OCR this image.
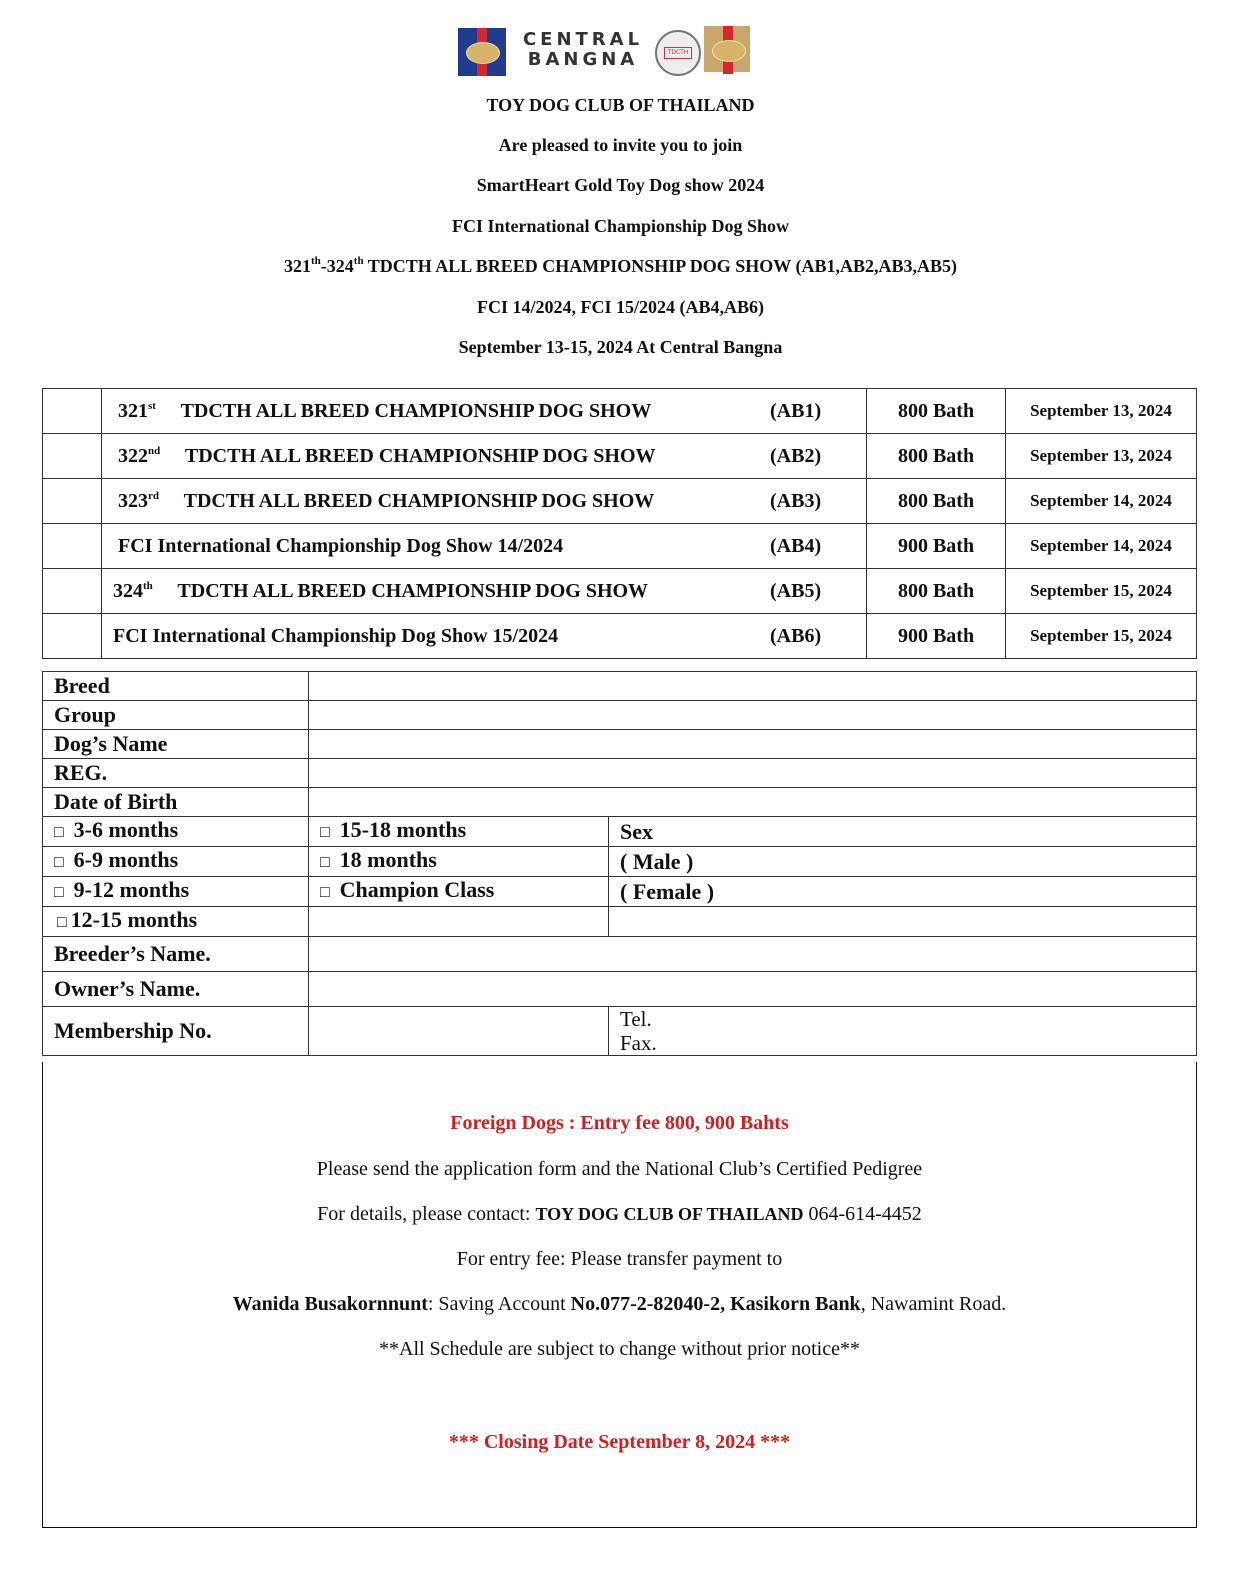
CENTRAL
BANGNA	TDCTH
TOY DOG CLUB OF THAILAND
Are pleased to invite you to join
SmartHeart Gold Toy Dog show 2024
FCI International Championship Dog Show
321th-324th TDCTH ALL BREED CHAMPIONSHIP DOG SHOW (AB1,AB2,AB3,AB5)
FCI 14/2024, FCI 15/2024 (AB4,AB6)
September 13-15, 2024 At Central Bangna

	321st TDCTH ALL BREED CHAMPIONSHIP DOG SHOW (AB1)	800 Bath	September 13, 2024

	322nd TDCTH ALL BREED CHAMPIONSHIP DOG SHOW (AB2)	800 Bath	September 13, 2024

	323rd TDCTH ALL BREED CHAMPIONSHIP DOG SHOW (AB3)	800 Bath	September 14, 2024

	FCI International Championship Dog Show 14/2024 (AB4)	900 Bath	September 14, 2024

	324th TDCTH ALL BREED CHAMPIONSHIP DOG SHOW (AB5)	800 Bath	September 15, 2024

	FCI International Championship Dog Show 15/2024 (AB6)	900 Bath	September 15, 2024
Breed		
Group		
Dog’s Name		
REG.		
Date of Birth		
□ 3-6 months	□ 15-18 months	Sex
□ 6-9 months	□ 18 months	( Male )
□ 9-12 months	□ Champion Class	( Female )
□ 12-15 months		
Breeder’s Name.		
Owner’s Name.		
Membership No.		Tel.
Fax.
Foreign Dogs : Entry fee 800, 900 Bahts
Please send the application form and the National Club’s Certified Pedigree
For details, please contact: TOY DOG CLUB OF THAILAND 064-614-4452
For entry fee: Please transfer payment to
Wanida Busakornnunt: Saving Account No.077-2-82040-2, Kasikorn Bank, Nawamint Road.
**All Schedule are subject to change without prior notice**
*** Closing Date September 8, 2024 ***
